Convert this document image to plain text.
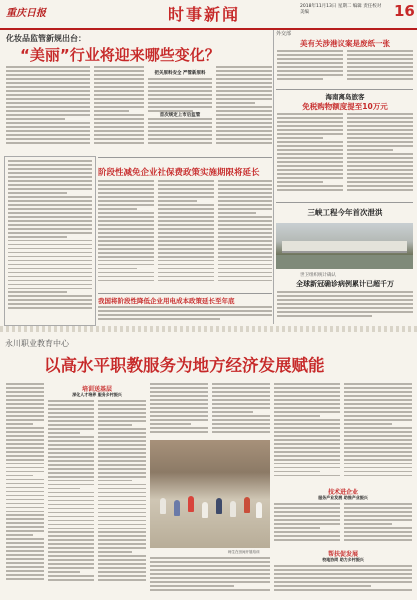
重庆日报	时事新闻	2018年11月13日 星期二 编辑 责任校对 美编	16
化妆品监管新规出台：
“美丽”行业将迎来哪些变化？
把关原料安全 严管新原料
首次规定上市后监管
阶段性减免企业社保费政策实施期限将延长
我国将阶段性降低企业用电成本政策延长至年底
外交部
美有关涉港议案是废纸一张
海南离岛旅客
免税购物额度提至10万元
三峡工程今年首次泄洪
世卫组织统计确认
全球新冠确诊病例累计已超千万
永川职业教育中心
以高水平职教服务为地方经济发展赋能
培训送基层
深化人才培养 服务乡村振兴
师生在田间开展培训
技术进企业
服务产业发展 助推产业振兴
帮扶促发展
校地协同 助力乡村振兴
